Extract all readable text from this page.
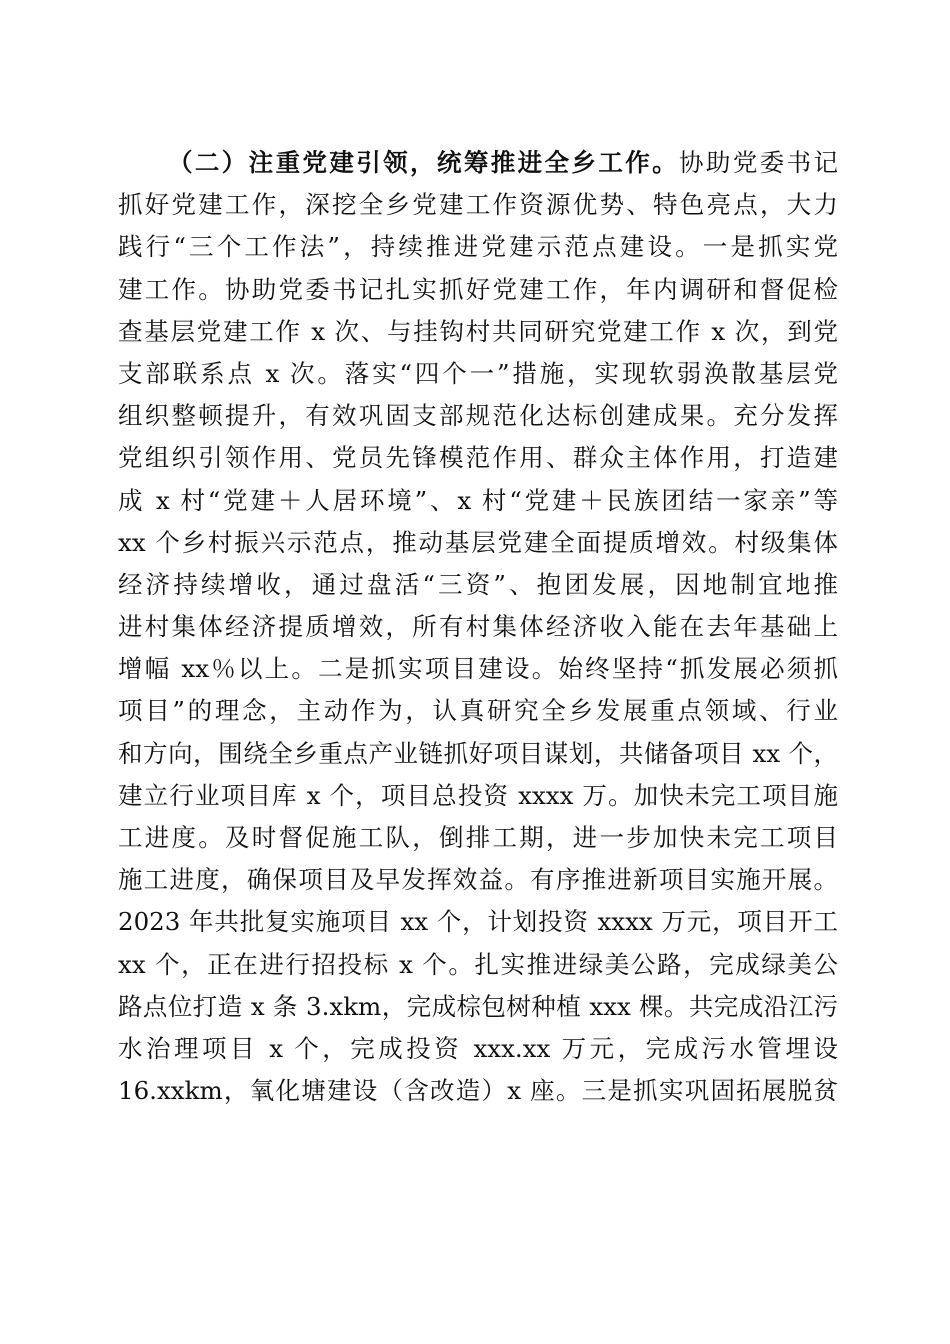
（二）注重党建引领，统筹推进全乡工作。协助党委书记
抓好党建工作，深挖全乡党建工作资源优势、特色亮点，大力
践行“三个工作法”，持续推进党建示范点建设。一是抓实党
建工作。协助党委书记扎实抓好党建工作，年内调研和督促检
查基层党建工作 x 次、与挂钩村共同研究党建工作 x 次，到党
支部联系点 x 次。落实“四个一”措施，实现软弱涣散基层党
组织整顿提升，有效巩固支部规范化达标创建成果。充分发挥
党组织引领作用、党员先锋模范作用、群众主体作用，打造建
成 x 村“党建＋人居环境”、x 村“党建＋民族团结一家亲”等
xx 个乡村振兴示范点，推动基层党建全面提质增效。村级集体
经济持续增收，通过盘活“三资”、抱团发展，因地制宜地推
进村集体经济提质增效，所有村集体经济收入能在去年基础上
增幅 xx％以上。二是抓实项目建设。始终坚持“抓发展必须抓
项目”的理念，主动作为，认真研究全乡发展重点领域、行业
和方向，围绕全乡重点产业链抓好项目谋划，共储备项目 xx 个，
建立行业项目库 x 个，项目总投资 xxxx 万。加快未完工项目施
工进度。及时督促施工队，倒排工期，进一步加快未完工项目
施工进度，确保项目及早发挥效益。有序推进新项目实施开展。
2023 年共批复实施项目 xx 个，计划投资 xxxx 万元，项目开工
xx 个，正在进行招投标 x 个。扎实推进绿美公路，完成绿美公
路点位打造 x 条 3.xkm，完成棕包树种植 xxx 棵。共完成沿江污
水治理项目 x 个，完成投资 xxx.xx 万元，完成污水管埋设
16.xxkm，氧化塘建设（含改造）x 座。三是抓实巩固拓展脱贫
